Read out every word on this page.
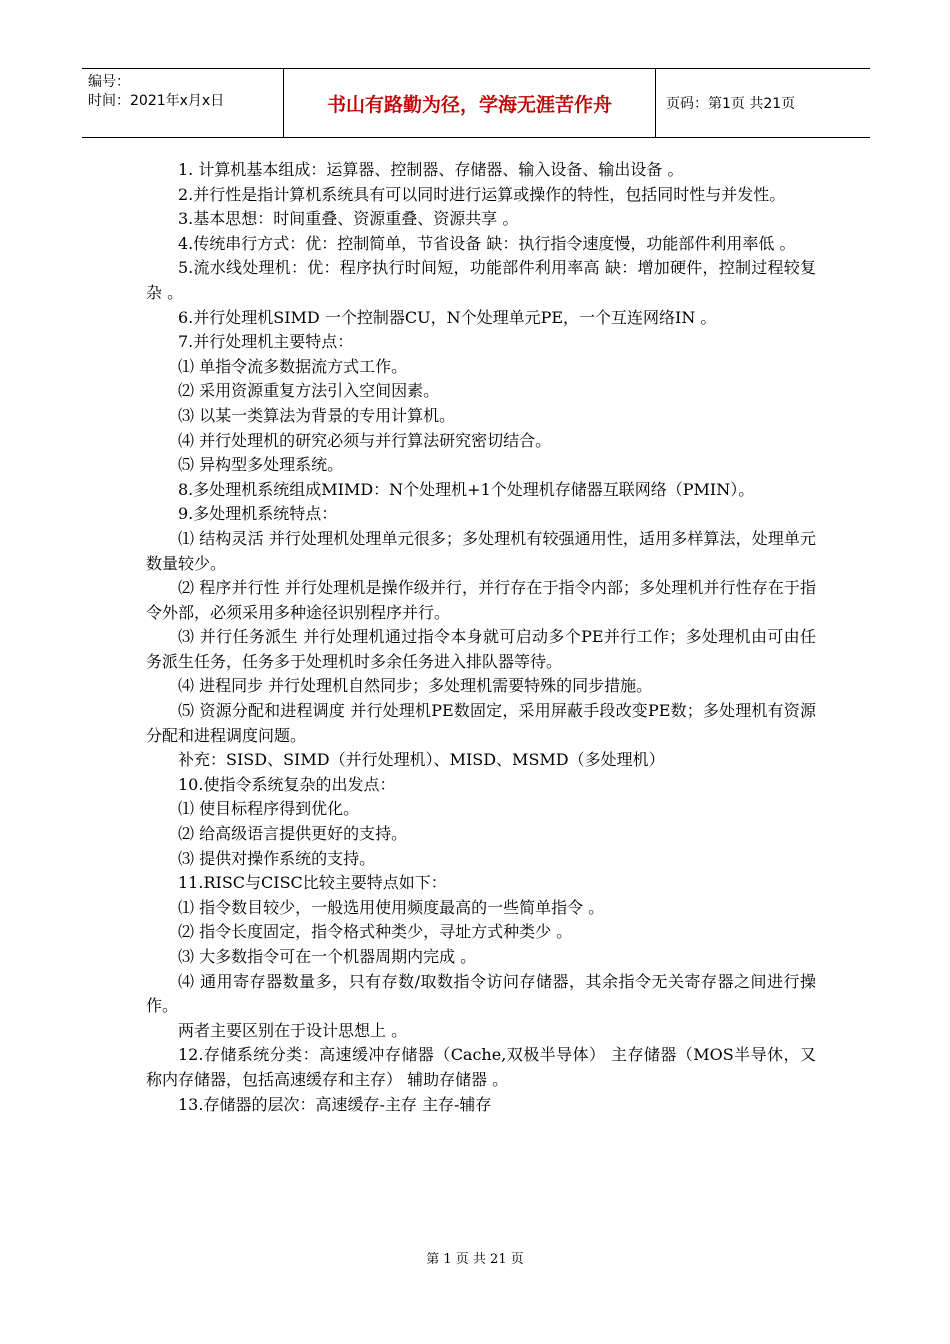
编号：
时间：2021年x月x日	书山有路勤为径，学海无涯苦作舟	页码：第1页 共21页

1. 计算机基本组成：运算器、控制器、存储器、输入设备、输出设备 。

2.并行性是指计算机系统具有可以同时进行运算或操作的特性，包括同时性与并发性。

3.基本思想：时间重叠、资源重叠、资源共享 。

4.传统串行方式：优：控制简单，节省设备 缺：执行指令速度慢，功能部件利用率低 。

5.流水线处理机：优：程序执行时间短，功能部件利用率高 缺：增加硬件，控制过程较复杂 。

6.并行处理机SIMD 一个控制器CU，N个处理单元PE，一个互连网络IN 。

7.并行处理机主要特点：

⑴ 单指令流多数据流方式工作。

⑵ 采用资源重复方法引入空间因素。

⑶ 以某一类算法为背景的专用计算机。

⑷ 并行处理机的研究必须与并行算法研究密切结合。

⑸ 异构型多处理系统。

8.多处理机系统组成MIMD：N个处理机+1个处理机存储器互联网络（PMIN）。

9.多处理机系统特点：

⑴ 结构灵活 并行处理机处理单元很多；多处理机有较强通用性，适用多样算法，处理单元数量较少。

⑵ 程序并行性 并行处理机是操作级并行，并行存在于指令内部；多处理机并行性存在于指令外部，必须采用多种途径识别程序并行。

⑶ 并行任务派生 并行处理机通过指令本身就可启动多个PE并行工作；多处理机由可由任务派生任务，任务多于处理机时多余任务进入排队器等待。

⑷ 进程同步 并行处理机自然同步；多处理机需要特殊的同步措施。

⑸ 资源分配和进程调度 并行处理机PE数固定，采用屏蔽手段改变PE数；多处理机有资源分配和进程调度问题。

补充：SISD、SIMD（并行处理机）、MISD、MSMD（多处理机）

10.使指令系统复杂的出发点：

⑴ 使目标程序得到优化。

⑵ 给高级语言提供更好的支持。

⑶ 提供对操作系统的支持。

11.RISC与CISC比较主要特点如下：

⑴ 指令数目较少，一般选用使用频度最高的一些简单指令 。

⑵ 指令长度固定，指令格式种类少，寻址方式种类少 。

⑶ 大多数指令可在一个机器周期内完成 。

⑷ 通用寄存器数量多，只有存数/取数指令访问存储器，其余指令无关寄存器之间进行操作。

两者主要区别在于设计思想上 。

12.存储系统分类：高速缓冲存储器（Cache,双极半导体） 主存储器（MOS半导休，又称内存储器，包括高速缓存和主存） 辅助存储器 。

13.存储器的层次：高速缓存-主存 主存-辅存

第 1 页 共 21 页
